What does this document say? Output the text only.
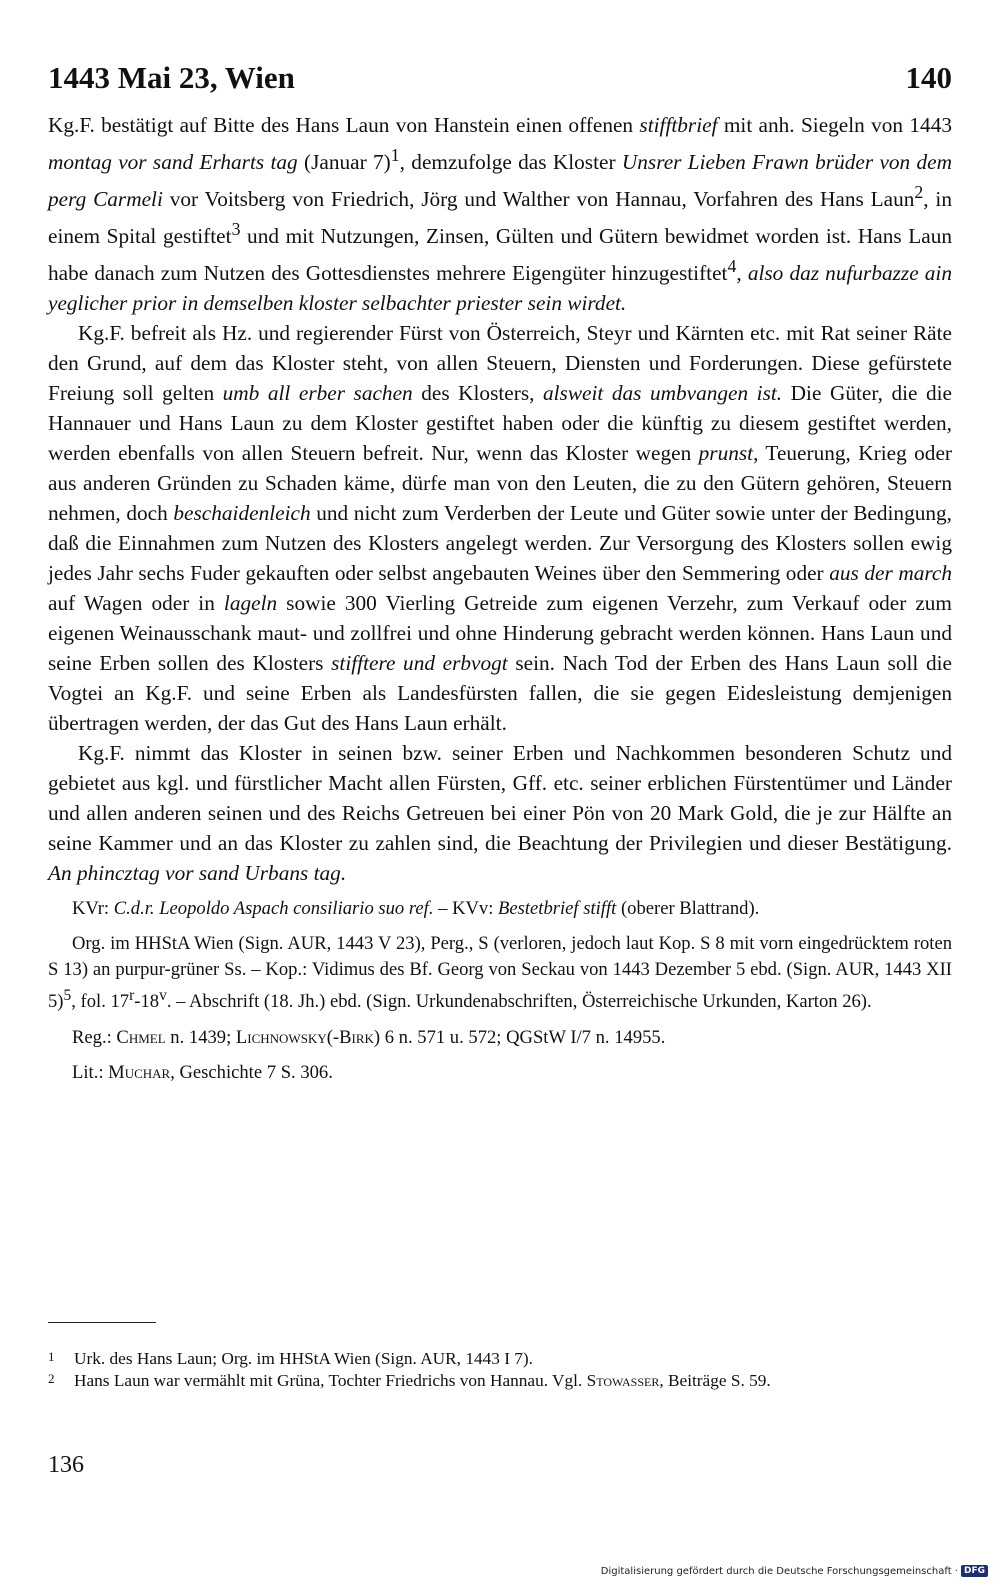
1443 Mai 23, Wien	140

Kg.F. bestätigt auf Bitte des Hans Laun von Hanstein einen offenen stifftbrief mit anh. Siegeln von 1443 montag vor sand Erharts tag (Januar 7)$^1$, demzufolge das Kloster Unsrer Lieben Frawn brüder von dem perg Carmeli vor Voitsberg von Friedrich, Jörg und Walther von Hannau, Vorfahren des Hans Laun$^2$, in einem Spital gestiftet$^3$ und mit Nutzungen, Zinsen, Gülten und Gütern bewidmet worden ist. Hans Laun habe danach zum Nutzen des Gottesdienstes mehrere Eigengüter hinzugestiftet$^4$, also daz nufurbazze ain yeglicher prior in demselben kloster selbachter priester sein wirdet.

Kg.F. befreit als Hz. und regierender Fürst von Österreich, Steyr und Kärnten etc. mit Rat seiner Räte den Grund, auf dem das Kloster steht, von allen Steuern, Diensten und Forderungen. Diese gefürstete Freiung soll gelten umb all erber sachen des Klosters, alsweit das umbvangen ist. Die Güter, die die Hannauer und Hans Laun zu dem Kloster gestiftet haben oder die künftig zu diesem gestiftet werden, werden ebenfalls von allen Steuern befreit. Nur, wenn das Kloster wegen prunst, Teuerung, Krieg oder aus anderen Gründen zu Schaden käme, dürfe man von den Leuten, die zu den Gütern gehören, Steuern nehmen, doch beschaidenleich und nicht zum Verderben der Leute und Güter sowie unter der Bedingung, daß die Einnahmen zum Nutzen des Klosters angelegt werden. Zur Versorgung des Klosters sollen ewig jedes Jahr sechs Fuder gekauften oder selbst angebauten Weines über den Semmering oder aus der march auf Wagen oder in lageln sowie 300 Vierling Getreide zum eigenen Verzehr, zum Verkauf oder zum eigenen Weinausschank maut- und zollfrei und ohne Hinderung gebracht werden können. Hans Laun und seine Erben sollen des Klosters stifftere und erbvogt sein. Nach Tod der Erben des Hans Laun soll die Vogtei an Kg.F. und seine Erben als Landesfürsten fallen, die sie gegen Eidesleistung demjenigen übertragen werden, der das Gut des Hans Laun erhält.

Kg.F. nimmt das Kloster in seinen bzw. seiner Erben und Nachkommen besonderen Schutz und gebietet aus kgl. und fürstlicher Macht allen Fürsten, Gff. etc. seiner erblichen Fürstentümer und Länder und allen anderen seinen und des Reichs Getreuen bei einer Pön von 20 Mark Gold, die je zur Hälfte an seine Kammer und an das Kloster zu zahlen sind, die Beachtung der Privilegien und dieser Bestätigung. An phincztag vor sand Urbans tag.

KVr: C.d.r. Leopoldo Aspach consiliario suo ref. – KVv: Bestetbrief stifft (oberer Blattrand).

Org. im HHStA Wien (Sign. AUR, 1443 V 23), Perg., S (verloren, jedoch laut Kop. S 8 mit vorn eingedrücktem roten S 13) an purpur-grüner Ss. – Kop.: Vidimus des Bf. Georg von Seckau von 1443 Dezember 5 ebd. (Sign. AUR, 1443 XII 5)$^5$, fol. 17$^r$-18$^v$. – Abschrift (18. Jh.) ebd. (Sign. Urkundenabschriften, Österreichische Urkunden, Karton 26).

Reg.: Chmel n. 1439; Lichnowsky(-Birk) 6 n. 571 u. 572; QGStW I/7 n. 14955.

Lit.: Muchar, Geschichte 7 S. 306.

1	Urk. des Hans Laun; Org. im HHStA Wien (Sign. AUR, 1443 I 7).
2	Hans Laun war vermählt mit Grüna, Tochter Friedrichs von Hannau. Vgl. Stowasser, Beiträge S. 59.
136
Digitalisierung gefördert durch die Deutsche Forschungsgemeinschaft · DFG
